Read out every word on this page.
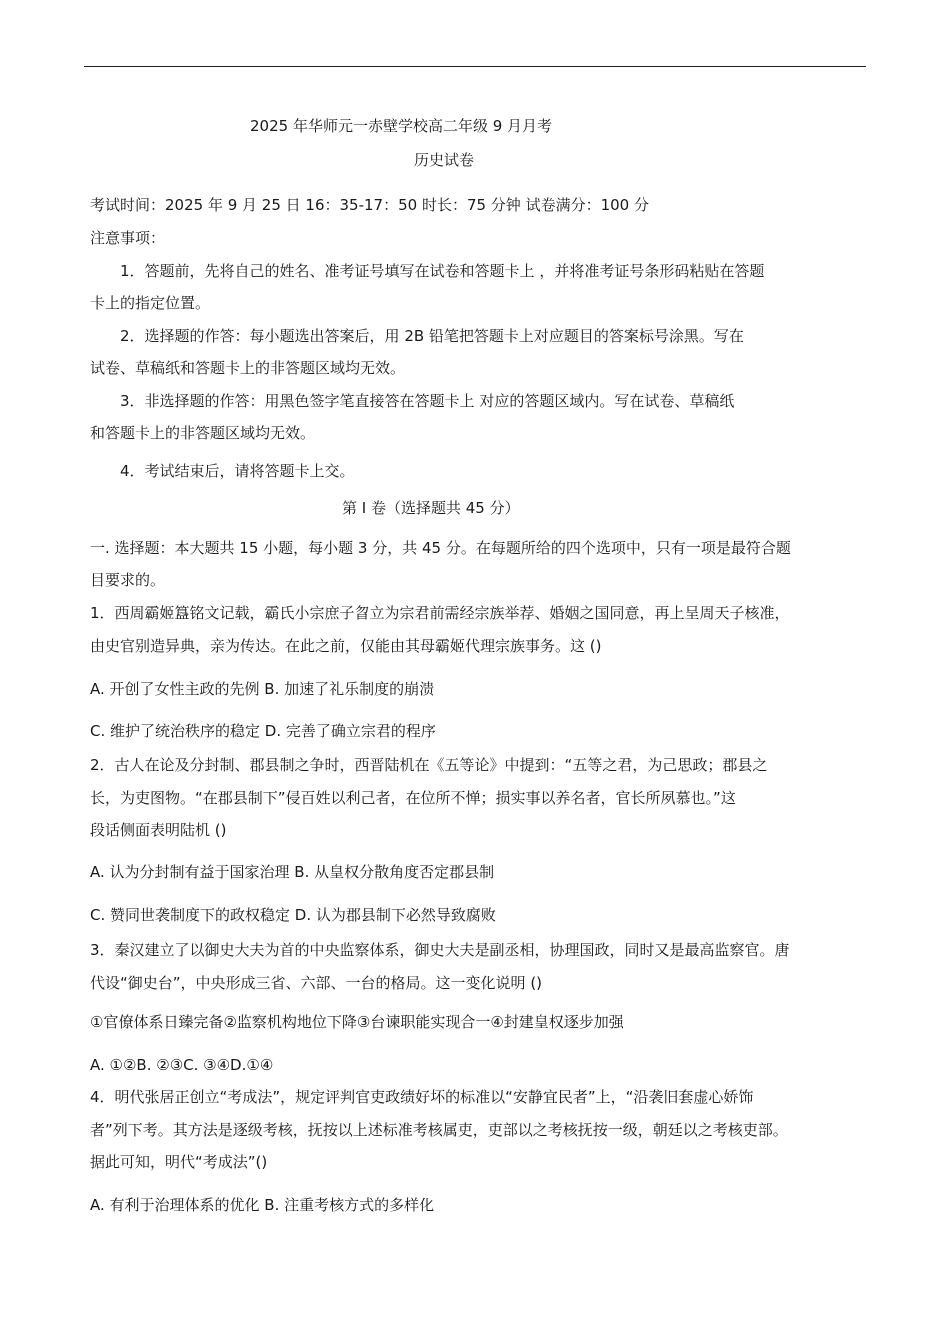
2025 年华师元一赤壁学校高二年级 9 月月考
历史试卷
考试时间：2025 年 9 月 25 日 16：35-17：50 时长：75 分钟 试卷满分：100 分
注意事项：
1．答题前，先将自己的姓名、准考证号填写在试卷和答题卡上 ，并将准考证号条形码粘贴在答题
卡上的指定位置。
2．选择题的作答：每小题选出答案后，用 2B 铅笔把答题卡上对应题目的答案标号涂黑。写在
试卷、草稿纸和答题卡上的非答题区域均无效。
3．非选择题的作答：用黑色签字笔直接答在答题卡上 对应的答题区域内。写在试卷、草稿纸
和答题卡上的非答题区域均无效。
4．考试结束后，请将答题卡上交。
第 I 卷（选择题共 45 分）
一. 选择题：本大题共 15 小题，每小题 3 分，共 45 分。在每题所给的四个选项中，只有一项是最符合题
目要求的。
1．西周霸姬簋铭文记载，霸氏小宗庶子曶立为宗君前需经宗族举荐、婚姻之国同意，再上呈周天子核准，
由史官别造异典，亲为传达。在此之前，仅能由其母霸姬代理宗族事务。这 ()
A. 开创了女性主政的先例 B. 加速了礼乐制度的崩溃
C. 维护了统治秩序的稳定 D. 完善了确立宗君的程序
2．古人在论及分封制、郡县制之争时，西晋陆机在《五等论》中提到：“五等之君，为己思政；郡县之
长，为吏图物。“在郡县制下”侵百姓以利己者，在位所不惮；损实事以养名者，官长所夙慕也。”这
段话侧面表明陆机 ()
A. 认为分封制有益于国家治理 B. 从皇权分散角度否定郡县制
C. 赞同世袭制度下的政权稳定 D. 认为郡县制下必然导致腐败
3．秦汉建立了以御史大夫为首的中央监察体系，御史大夫是副丞相，协理国政，同时又是最高监察官。唐
代设“御史台”，中央形成三省、六部、一台的格局。这一变化说明 ()
①官僚体系日臻完备②监察机构地位下降③台谏职能实现合一④封建皇权逐步加强
A. ①②B. ②③C. ③④D.①④
4．明代张居正创立“考成法”，规定评判官吏政绩好坏的标准以“安静宜民者”上，“沿袭旧套虚心娇饰
者”列下考。其方法是逐级考核，抚按以上述标准考核属吏，吏部以之考核抚按一级，朝廷以之考核吏部。
据此可知，明代“考成法”()
A. 有利于治理体系的优化 B. 注重考核方式的多样化
